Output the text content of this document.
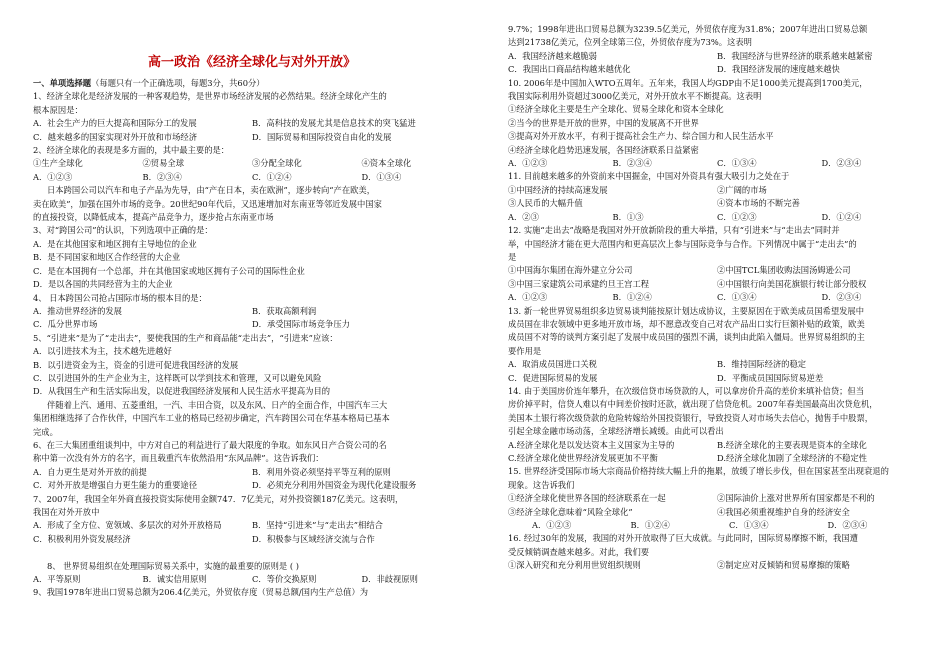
高一政治《经济全球化与对外开放》
一、单项选择题（每题只有一个正确选项，每题3分，共60分）
1、经济全球化是经济发展的一种客观趋势，是世界市场经济发展的必然结果。经济全球化产生的
根本原因是：
A．社会生产力的巨大提高和国际分工的发展	B．高科技的发展尤其是信息技术的突飞猛进
C．越来越多的国家实现对外开放和市场经济	D．国际贸易和国际投资自由化的发展
2、经济全球化的表现是多方面的，其中最主要的是：
①生产全球化	②贸易全球	③分配全球化	④资本全球化
A．①②③	B．②③④	C．①②④	D．①③④
日本跨国公司以汽车和电子产品为先导，由“产在日本，卖在欧洲”，逐步转向“产在欧美，
卖在欧美”，加强在国外市场的竞争。20世纪90年代后，又迅速增加对东南亚等邻近发展中国家
的直接投资，以降低成本，提高产品竞争力，逐步抢占东南亚市场
3、对“跨国公司”的认识，下列选项中正确的是：
A．是在其他国家和地区拥有主导地位的企业
B．是不同国家和地区合作经营的大企业
C．是在本国拥有一个总部，并在其他国家或地区拥有子公司的国际性企业
D．是以各国的共同经营为主的大企业
4、 日本跨国公司抢占国际市场的根本目的是：
A．推动世界经济的发展	B．获取高额利润
C．瓜分世界市场	D．承受国际市场竞争压力
5、“引进来”是为了“走出去”，要使我国的生产和商品能“走出去”，“引进来”应该：
A．以引进技术为主，技术越先进越好
B．以引进资金为主，资金的引进可促进我国经济的发展
C．以引进国外的生产企业为主，这样既可以学到技术和管理，又可以避免风险
D．从我国生产和生活实际出发，以促进我国经济发展和人民生活水平提高为目的
伴随着上汽、通用、五菱重组，一汽、丰田合资，以及东风、日产的全面合作，中国汽车三大
集团相继选择了合作伙伴，中国汽车工业的格局已经初步确定，汽车跨国公司在华基本格局已基本
完成。
6、在三大集团重组谈判中，中方对自己的利益进行了最大限度的争取。如东风日产合资公司的名
称中第一次没有外方的名字，而且载重汽车依然沿用“东风品牌”。这告诉我们：
A．自力更生是对外开放的前提	B．利用外资必须坚持平等互利的原则
C．对外开放是增强自力更生能力的重要途径	D．必须充分利用外国资金为现代化建设服务
7、2007年，我国全年外商直接投资实际使用金额747．7亿美元，对外投资额187亿美元。这表明，
我国在对外开放中
A．形成了全方位、宽领域、多层次的对外开放格局	B．坚持“引进来”与“走出去”相结合
C．积极利用外资发展经济	D．积极参与区域经济交流与合作

8、 世界贸易组织在处理国际贸易关系中，实施的最重要的原则是 ( )
A．平等原则	B．诚实信用原则	C．等价交换原则	D．非歧视原则
9、我国1978年进出口贸易总额为206.4亿美元，外贸依存度（贸易总额/国内生产总值）为
9.7%；1998年进出口贸易总额为3239.5亿美元，外贸依存度为31.8%；2007年进出口贸易总额
达到21738亿美元，位列全球第三位，外贸依存度为73%。这表明
A．我国经济越来越脆弱	B．我国经济与世界经济的联系越来越紧密
C．我国出口商品结构越来越优化	D．我国经济发展的速度越来越快
10. 2006年是中国加入WTO五周年。五年来，我国人均GDP由不足1000美元提高到1700美元，
我国实际利用外资超过3000亿美元，对外开放水平不断提高。这表明
①经济全球化主要是生产全球化、贸易全球化和资本全球化
②当今的世界是开放的世界，中国的发展离不开世界
③提高对外开放水平，有利于提高社会生产力、综合国力和人民生活水平
④经济全球化趋势迅速发展，各国经济联系日益紧密
A．①②③	B．②③④	C．①③④	D．②③④
11. 目前越来越多的外资前来中国掘金，中国对外资具有强大吸引力之处在于
①中国经济的持续高速发展	②广阔的市场
③人民币的大幅升值	④资本市场的不断完善
A．②③	B．①③	C．①②③	D．①②④
12. 实施“走出去”战略是我国对外开放新阶段的重大举措，只有“引进来”与“走出去”同时并
举，中国经济才能在更大范围内和更高层次上参与国际竞争与合作。下列情况中属于“走出去”的
是
①中国海尔集团在海外建立分公司	②中国TCL集团收购法国汤姆逊公司
③中国三家建筑公司承建约旦王宫工程	④中国银行向美国花旗银行转让部分股权
A．①②③	B．①②④	C．①③④	D．②③④
13. 新一轮世界贸易组织多边贸易谈判能按原计划达成协议，主要原因在于欧美成员国希望发展中
成员国在非农领域中更多地开放市场，却不愿意改变自己对农产品出口实行巨额补贴的政策，欧美
成员国不对等的谈判方案引起了发展中成员国的强烈不满，谈判由此陷入僵局。世界贸易组织的主
要作用是
A．取消成员国进口关税	B．维持国际经济的稳定
C．促进国际贸易的发展	D．平衡成员国国际贸易逆差
14. 由于美国房价连年攀升，在次级信贷市场贷款的人，可以拿房价升高的差价来填补信贷；但当
房价掉平时，信贷人难以有中间差价按时还款，就出现了信贷危机。2007年春美国最高出次贷危机，
美国本土银行将次级贷款的危险转嫁给外国投资银行，导致投资人对市场失去信心，抛售手中股票，
引起全球金融市场动荡，全球经济增长减缓。由此可以看出
A.经济全球化是以发达资本主义国家为主导的	B.经济全球化的主要表现是资本的全球化
C.经济全球化使世界经济发展更加不平衡	D.经济全球化加剧了全球经济的不稳定性
15. 世界经济受国际市场大宗商品价格持续大幅上升的拖累，放缓了增长步伐，但在国家甚至出现衰退的
现象。这告诉我们
①经济全球化使世界各国的经济联系在一起	②国际油价上涨对世界所有国家都是不利的
③经济全球化意味着“风险全球化”	④我国必须重视维护自身的经济安全
A．①②③	B．①②④	C．①③④	D．②③④
16. 经过30年的发展，我国的对外开放取得了巨大成就。与此同时，国际贸易摩擦不断，我国遭
受反倾销调查越来越多。对此，我们要
①深入研究和充分利用世贸组织规则	②制定应对反倾销和贸易摩擦的策略
